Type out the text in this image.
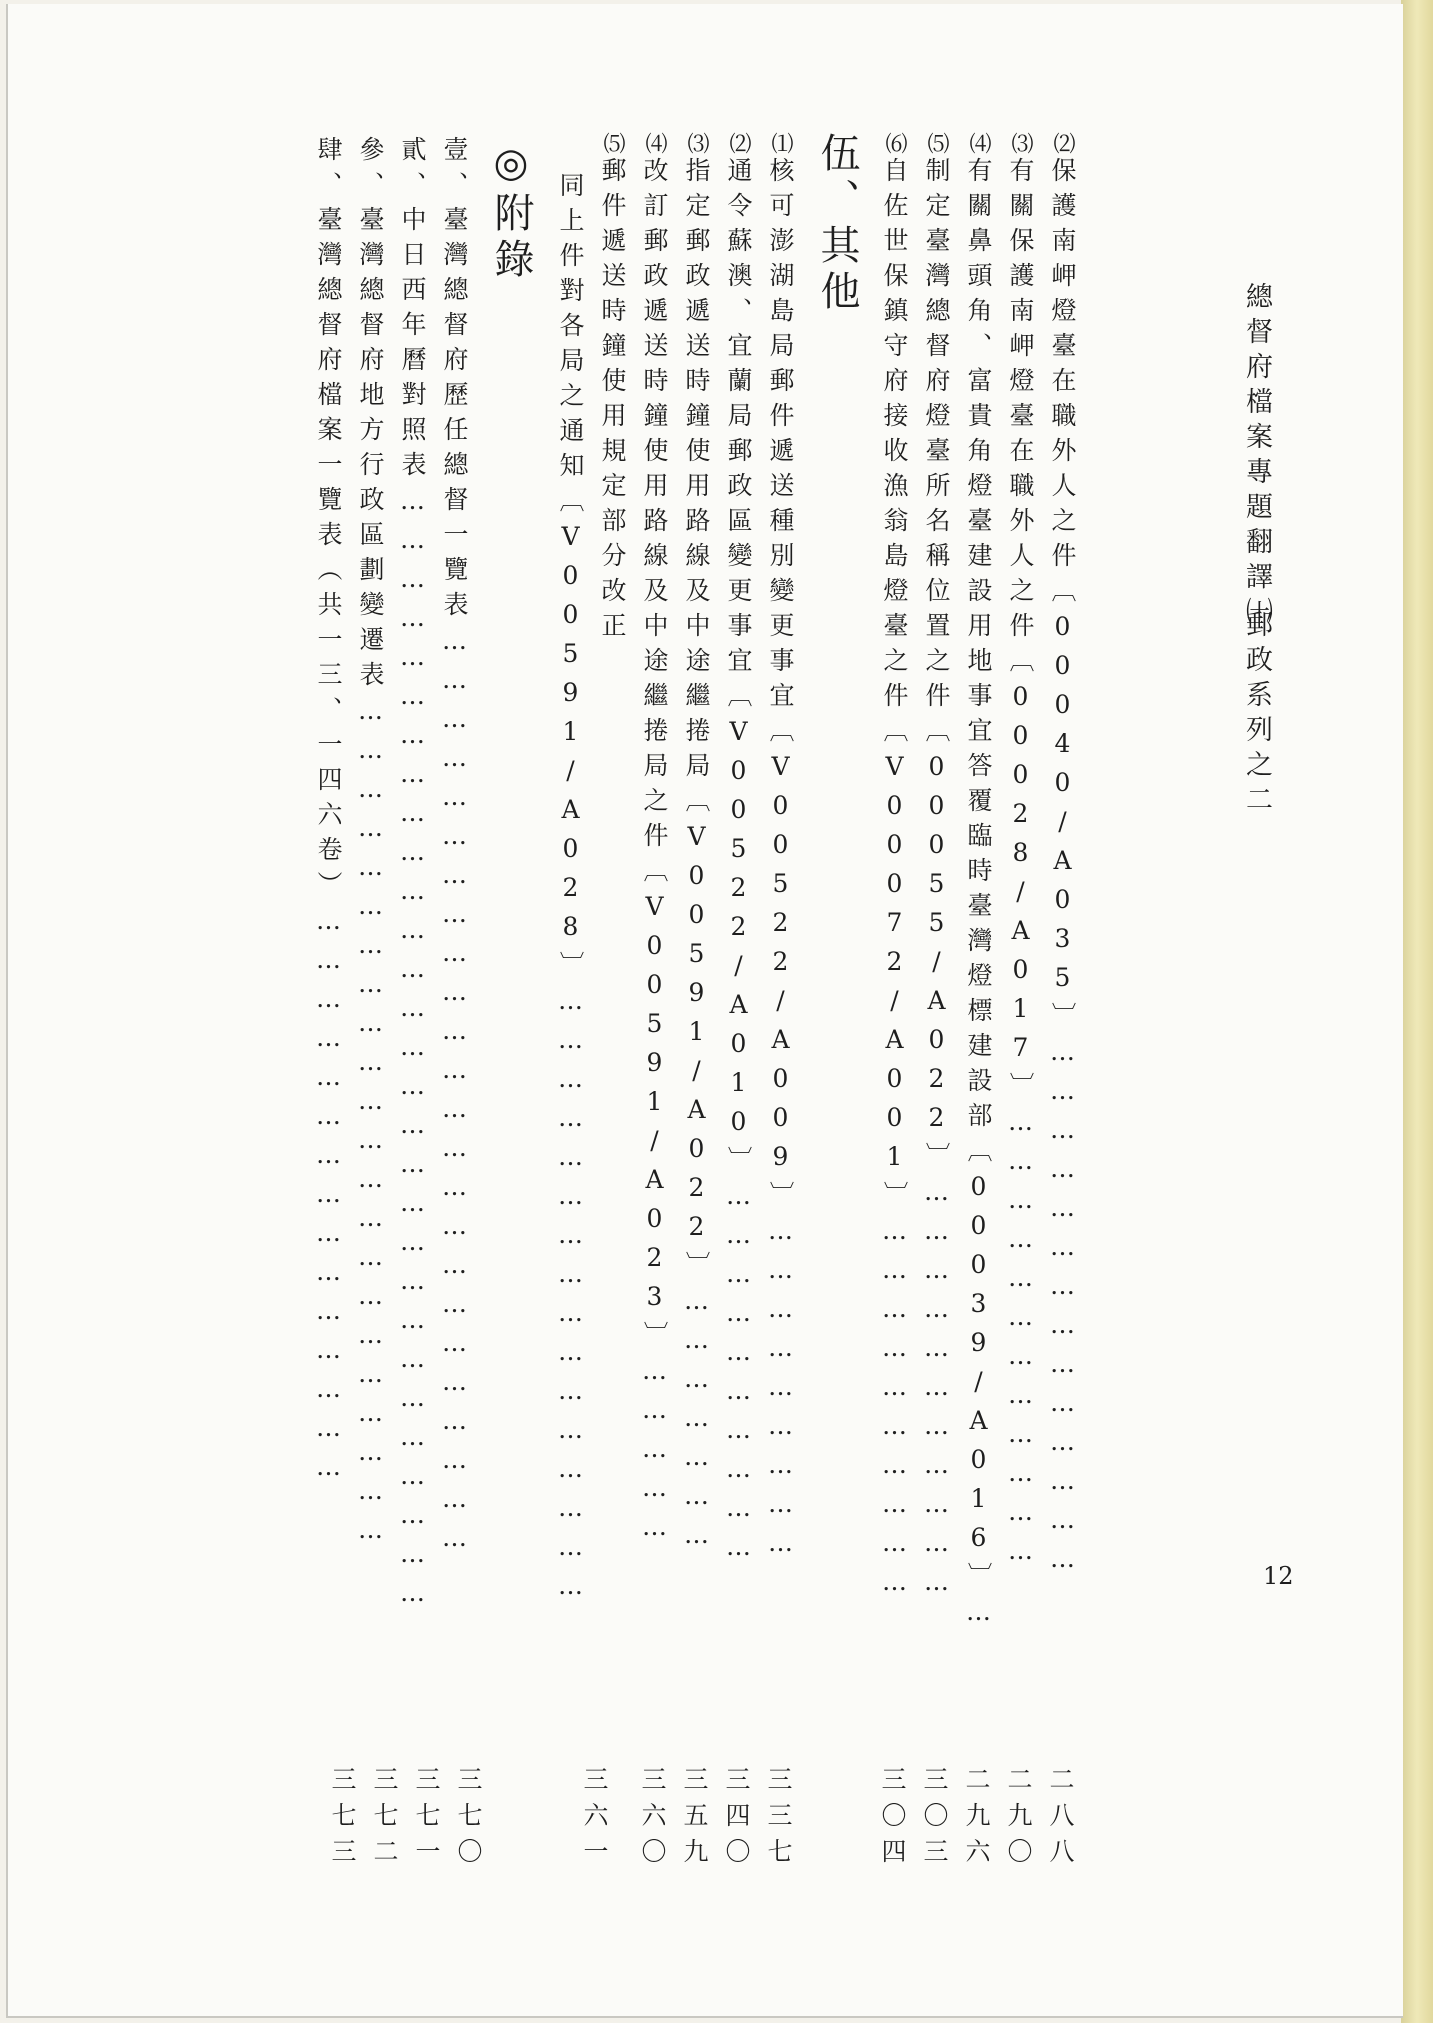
總督府檔案專題翻譯㈩
郵政系列之二
12
⑵保護南岬燈臺在職外人之件〔00040/A035〕……………………………………
⑶有關保護南岬燈臺在職外人之件〔00028/A017〕………………………………
⑷有關鼻頭角、富貴角燈臺建設用地事宜答覆臨時臺灣燈標建設部〔00039/A016〕…
⑸制定臺灣總督府燈臺所名稱位置之件〔00055/A022〕……………………………
⑹自佐世保鎮守府接收漁翁島燈臺之件〔V00072/A001〕…………………………
伍、其他
⑴核可澎湖島局郵件遞送種別變更事宜〔V00522/A009〕………………………
⑵通令蘇澳、宜蘭局郵政區變更事宜〔V00522/A010〕…………………………
⑶指定郵政遞送時鐘使用路線及中途繼捲局〔V00591/A022〕…………………
⑷改訂郵政遞送時鐘使用路線及中途繼捲局之件〔V00591/A023〕……………
⑸郵件遞送時鐘使用規定部分改正
同上件對各局之通知〔V00591/A028〕…………………………………………
◎附錄
壹、臺灣總督府歷任總督一覽表………………………………………………………………
貳、中日西年曆對照表……………………………………………………………………………
參、臺灣總督府地方行政區劃變遷表…………………………………………………………
肆、臺灣總督府檔案一覽表（共一三、一四六卷）………………………………………
二
八
八
二
九
〇
二
九
六
三
〇
三
三
〇
四
三
三
七
三
四
〇
三
五
九
三
六
〇
三
六
一
三
七
〇
三
七
一
三
七
二
三
七
三
